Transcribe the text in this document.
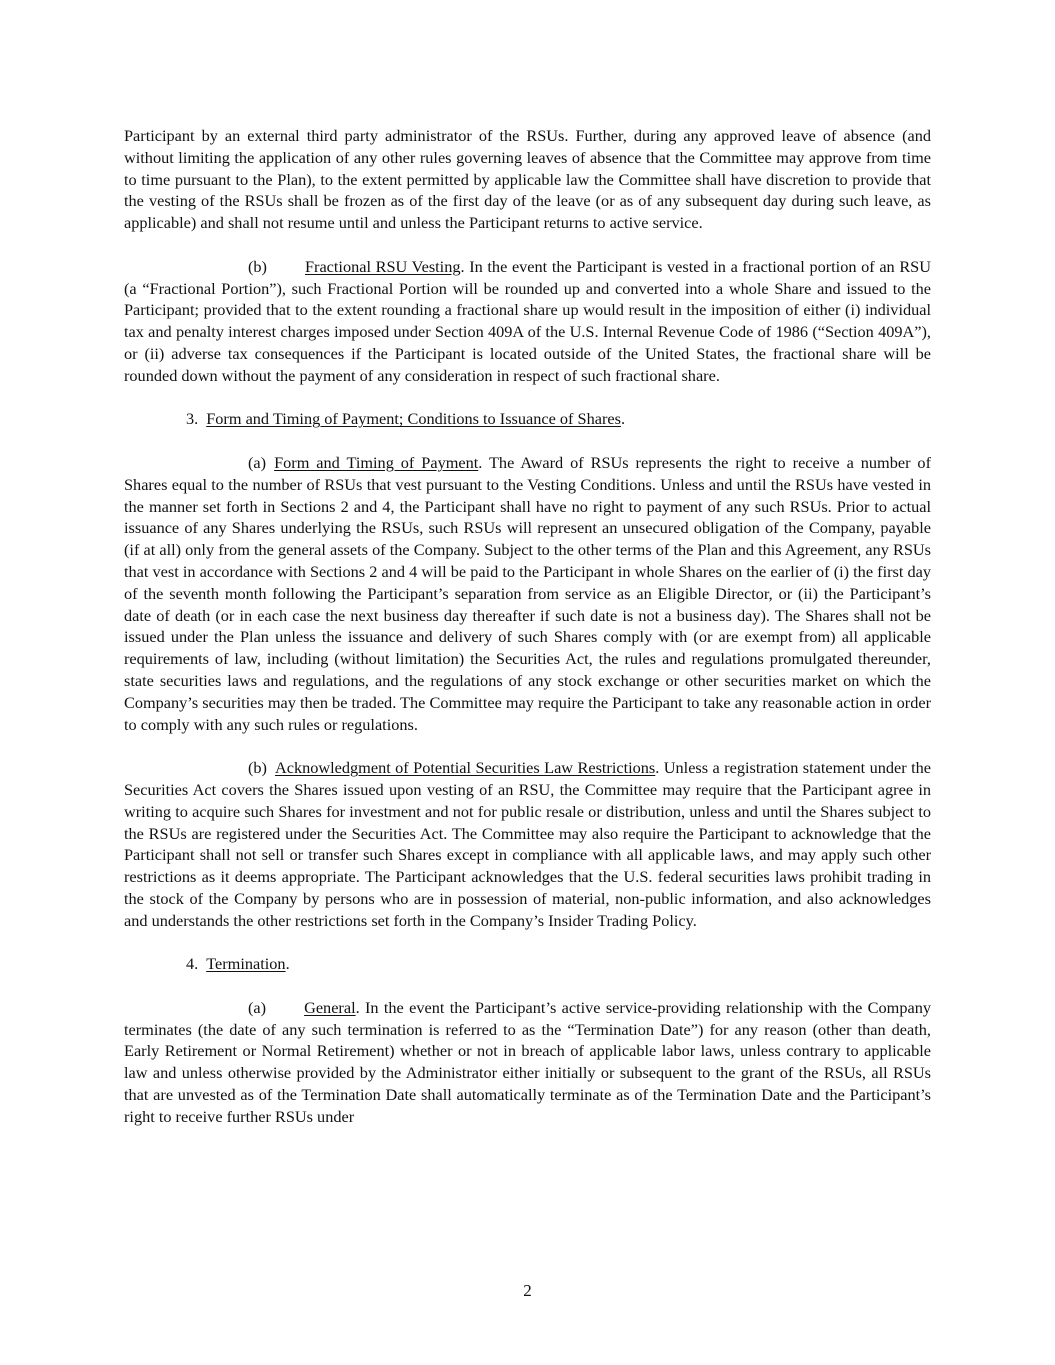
Participant by an external third party administrator of the RSUs. Further, during any approved leave of absence (and without limiting the application of any other rules governing leaves of absence that the Committee may approve from time to time pursuant to the Plan), to the extent permitted by applicable law the Committee shall have discretion to provide that the vesting of the RSUs shall be frozen as of the first day of the leave (or as of any subsequent day during such leave, as applicable) and shall not resume until and unless the Participant returns to active service.

(b) Fractional RSU Vesting. In the event the Participant is vested in a fractional portion of an RSU (a “Fractional Portion”), such Fractional Portion will be rounded up and converted into a whole Share and issued to the Participant; provided that to the extent rounding a fractional share up would result in the imposition of either (i) individual tax and penalty interest charges imposed under Section 409A of the U.S. Internal Revenue Code of 1986 (“Section 409A”), or (ii) adverse tax consequences if the Participant is located outside of the United States, the fractional share will be rounded down without the payment of any consideration in respect of such fractional share.

3. Form and Timing of Payment; Conditions to Issuance of Shares.

(a) Form and Timing of Payment. The Award of RSUs represents the right to receive a number of Shares equal to the number of RSUs that vest pursuant to the Vesting Conditions. Unless and until the RSUs have vested in the manner set forth in Sections 2 and 4, the Participant shall have no right to payment of any such RSUs. Prior to actual issuance of any Shares underlying the RSUs, such RSUs will represent an unsecured obligation of the Company, payable (if at all) only from the general assets of the Company. Subject to the other terms of the Plan and this Agreement, any RSUs that vest in accordance with Sections 2 and 4 will be paid to the Participant in whole Shares on the earlier of (i) the first day of the seventh month following the Participant’s separation from service as an Eligible Director, or (ii) the Participant’s date of death (or in each case the next business day thereafter if such date is not a business day). The Shares shall not be issued under the Plan unless the issuance and delivery of such Shares comply with (or are exempt from) all applicable requirements of law, including (without limitation) the Securities Act, the rules and regulations promulgated thereunder, state securities laws and regulations, and the regulations of any stock exchange or other securities market on which the Company’s securities may then be traded. The Committee may require the Participant to take any reasonable action in order to comply with any such rules or regulations.

(b) Acknowledgment of Potential Securities Law Restrictions. Unless a registration statement under the Securities Act covers the Shares issued upon vesting of an RSU, the Committee may require that the Participant agree in writing to acquire such Shares for investment and not for public resale or distribution, unless and until the Shares subject to the RSUs are registered under the Securities Act. The Committee may also require the Participant to acknowledge that the Participant shall not sell or transfer such Shares except in compliance with all applicable laws, and may apply such other restrictions as it deems appropriate. The Participant acknowledges that the U.S. federal securities laws prohibit trading in the stock of the Company by persons who are in possession of material, non-public information, and also acknowledges and understands the other restrictions set forth in the Company’s Insider Trading Policy.

4. Termination.

(a) General. In the event the Participant’s active service-providing relationship with the Company terminates (the date of any such termination is referred to as the “Termination Date”) for any reason (other than death, Early Retirement or Normal Retirement) whether or not in breach of applicable labor laws, unless contrary to applicable law and unless otherwise provided by the Administrator either initially or subsequent to the grant of the RSUs, all RSUs that are unvested as of the Termination Date shall automatically terminate as of the Termination Date and the Participant’s right to receive further RSUs under

2
